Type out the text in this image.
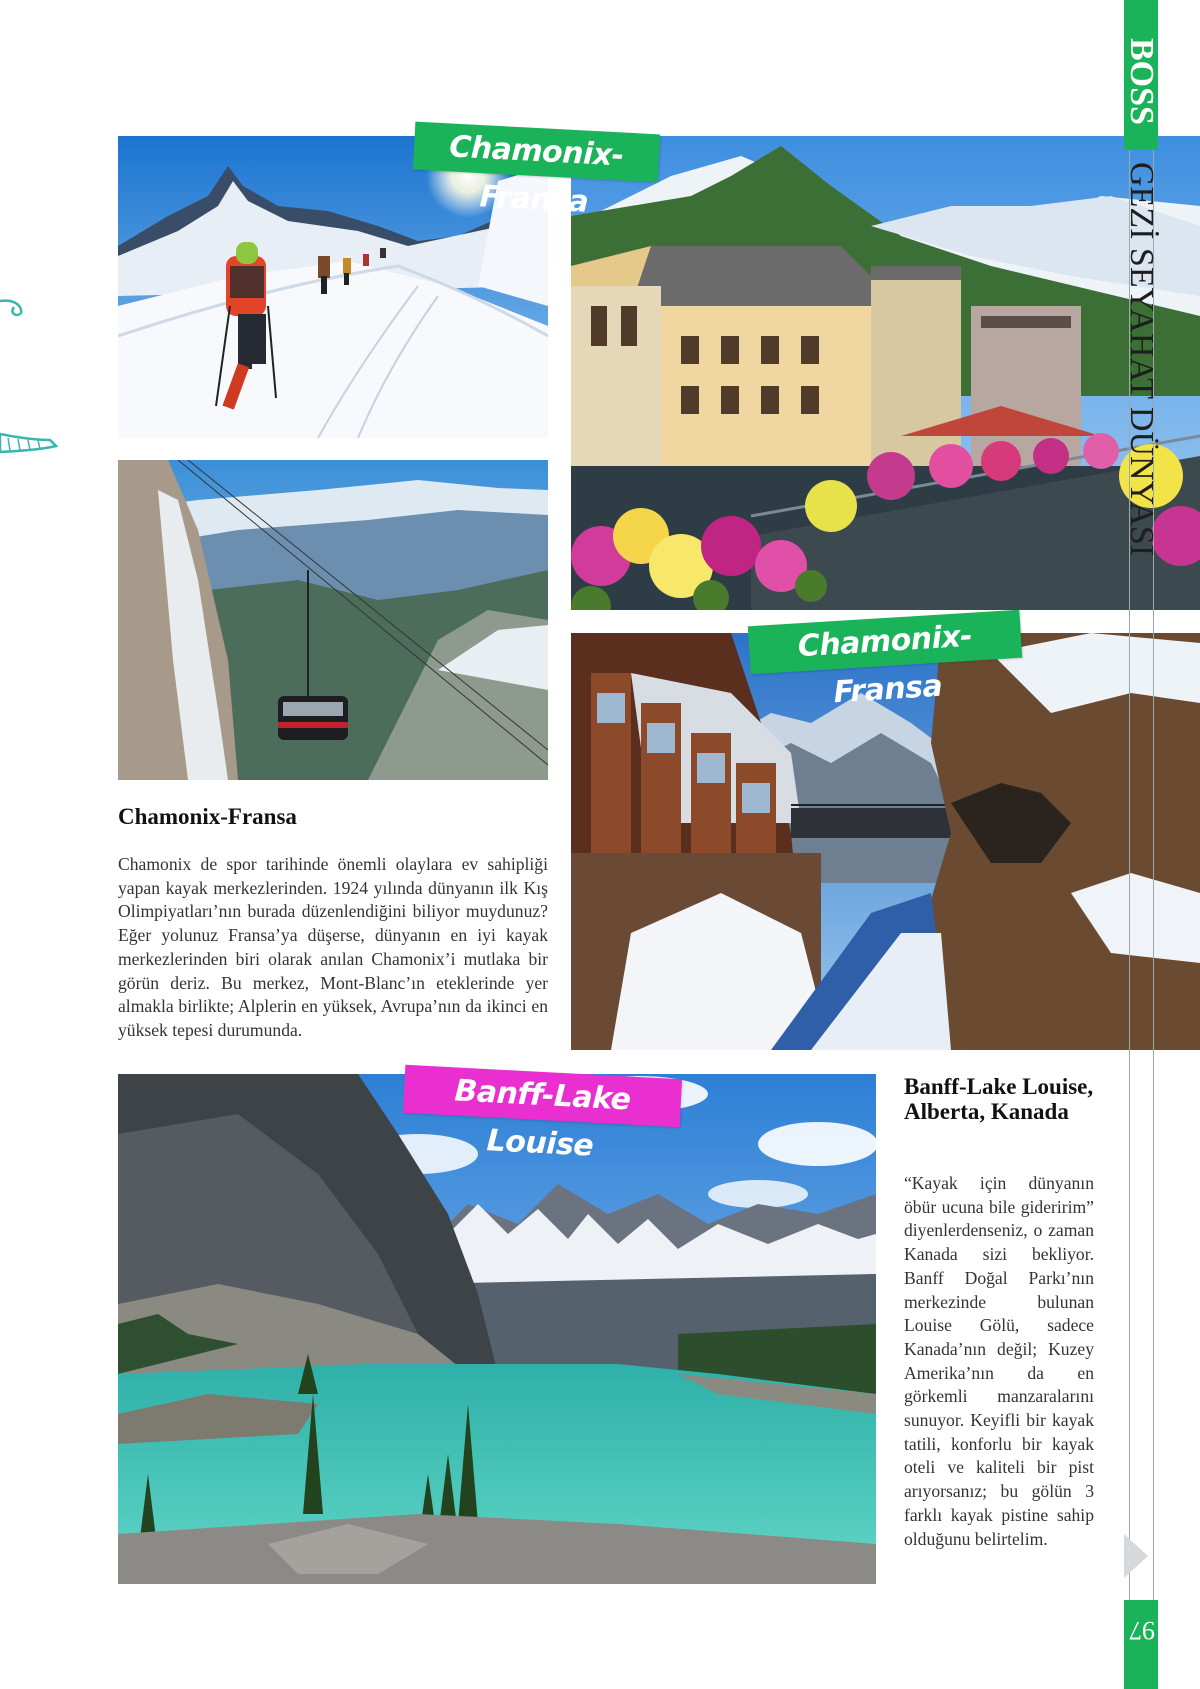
Chamonix-Fransa
Chamonix-Fransa
Banff-Lake Louise
Chamonix-Fransa
Chamonix de spor tarihinde önemli olaylara ev sahipliği yapan kayak merkezlerinden. 1924 yılında dünyanın ilk Kış Olimpiyatları’nın burada düzenlendiğini biliyor muydunuz? Eğer yolunuz Fransa’ya düşerse, dünyanın en iyi kayak merkezlerinden biri olarak anılan Chamonix’i mutlaka bir görün deriz. Bu merkez, Mont-Blanc’ın eteklerinde yer almakla birlikte; Alplerin en yüksek, Avrupa’nın da ikinci en yüksek tepesi durumunda.
Banff-Lake Louise, Alberta, Kanada
“Kayak için dünyanın öbür ucuna bile gideririm” diyenlerdenseniz, o zaman Kanada sizi bekliyor. Banff Doğal Parkı’nın merkezinde bulunan Louise Gölü, sadece Kanada’nın değil; Kuzey Amerika’nın da en görkemli manzaralarını sunuyor. Keyifli bir kayak tatili, konforlu bir kayak oteli ve kaliteli bir pist arıyorsanız; bu gölün 3 farklı kayak pistine sahip olduğunu belirtelim.
BOSS
GEZİ SEYAHAT DÜNYASI
97
